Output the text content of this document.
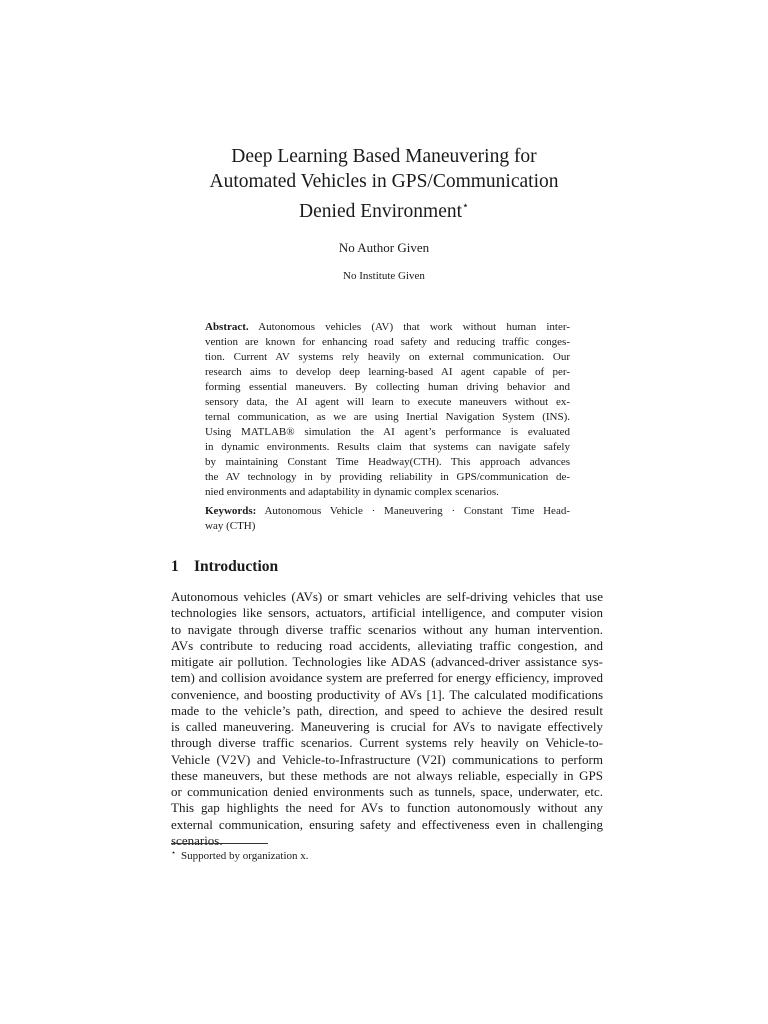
Deep Learning Based Maneuvering for
Automated Vehicles in GPS/Communication
Denied Environment⋆
No Author Given
No Institute Given
Abstract. Autonomous vehicles (AV) that work without human inter-
vention are known for enhancing road safety and reducing traffic conges-
tion. Current AV systems rely heavily on external communication. Our
research aims to develop deep learning-based AI agent capable of per-
forming essential maneuvers. By collecting human driving behavior and
sensory data, the AI agent will learn to execute maneuvers without ex-
ternal communication, as we are using Inertial Navigation System (INS).
Using MATLAB® simulation the AI agent’s performance is evaluated
in dynamic environments. Results claim that systems can navigate safely
by maintaining Constant Time Headway(CTH). This approach advances
the AV technology in by providing reliability in GPS/communication de-
nied environments and adaptability in dynamic complex scenarios.
Keywords: Autonomous Vehicle · Maneuvering · Constant Time Head-
way (CTH)
1 Introduction
Autonomous vehicles (AVs) or smart vehicles are self-driving vehicles that use
technologies like sensors, actuators, artificial intelligence, and computer vision
to navigate through diverse traffic scenarios without any human intervention.
AVs contribute to reducing road accidents, alleviating traffic congestion, and
mitigate air pollution. Technologies like ADAS (advanced-driver assistance sys-
tem) and collision avoidance system are preferred for energy efficiency, improved
convenience, and boosting productivity of AVs [1]. The calculated modifications
made to the vehicle’s path, direction, and speed to achieve the desired result
is called maneuvering. Maneuvering is crucial for AVs to navigate effectively
through diverse traffic scenarios. Current systems rely heavily on Vehicle-to-
Vehicle (V2V) and Vehicle-to-Infrastructure (V2I) communications to perform
these maneuvers, but these methods are not always reliable, especially in GPS
or communication denied environments such as tunnels, space, underwater, etc.
This gap highlights the need for AVs to function autonomously without any
external communication, ensuring safety and effectiveness even in challenging
scenarios.
⋆ Supported by organization x.
